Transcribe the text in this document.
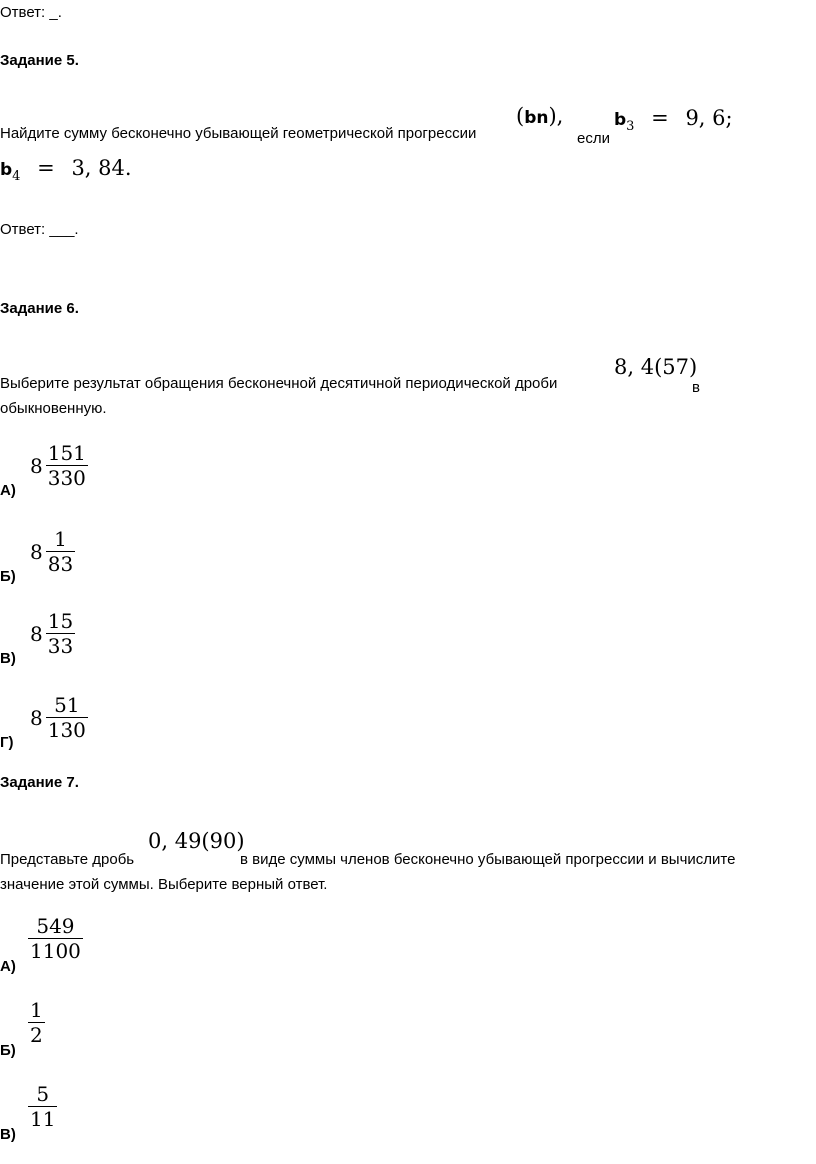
Ответ: _.
Задание 5.
Найдите сумму бесконечно убывающей геометрической прогрессии
(bn),
если
$b_3 = 9$, 6;
$b_4 = 3$, 84.
Ответ: ___.
Задание 6.
Выберите результат обращения бесконечной десятичной периодической дроби
8, 4(57)
в
обыкновенную.
А)
$8 \frac{151}{330}$
Б)
$8 \frac{1}{83}$
В)
$8 \frac{15}{33}$
Г)
$8 \frac{51}{130}$
Задание 7.
Представьте дробь
0, 49(90)
в виде суммы членов бесконечно убывающей прогрессии и вычислите
значение этой суммы. Выберите верный ответ.
А)
$\frac{549}{1100}$
Б)
$\frac{1}{2}$
В)
$\frac{5}{11}$
